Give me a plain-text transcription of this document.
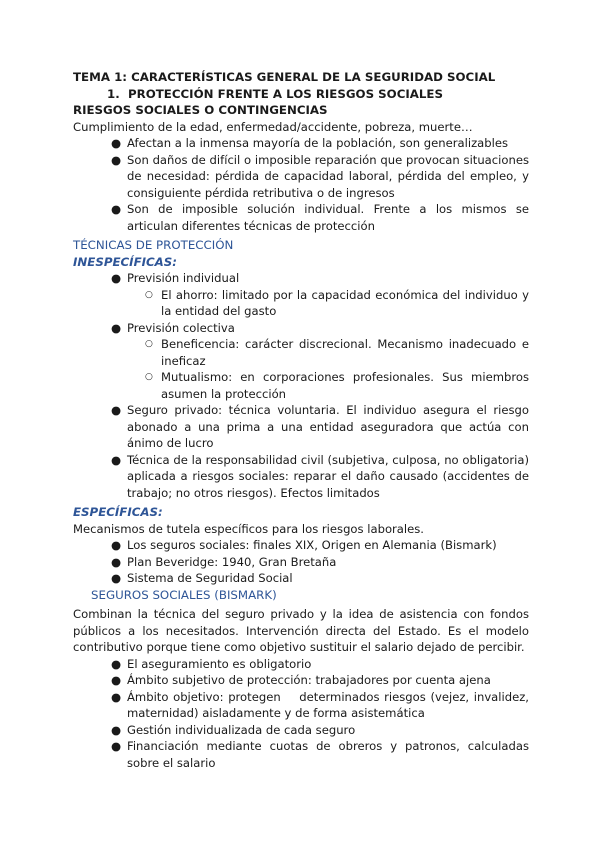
TEMA 1: CARACTERÍSTICAS GENERAL DE LA SEGURIDAD SOCIAL

1. PROTECCIÓN FRENTE A LOS RIESGOS SOCIALES

RIESGOS SOCIALES O CONTINGENCIAS

Cumplimiento de la edad, enfermedad/accidente, pobreza, muerte…

● Afectan a la inmensa mayoría de la población, son generalizables
● Son daños de difícil o imposible reparación que provocan situaciones de necesidad: pérdida de capacidad laboral, pérdida del empleo, y consiguiente pérdida retributiva o de ingresos
● Son de imposible solución individual. Frente a los mismos se articulan diferentes técnicas de protección

TÉCNICAS DE PROTECCIÓN

INESPECÍFICAS:

● Previsión individual
○ El ahorro: limitado por la capacidad económica del individuo y la entidad del gasto
● Previsión colectiva
○ Beneficencia: carácter discrecional. Mecanismo inadecuado e ineficaz
○ Mutualismo: en corporaciones profesionales. Sus miembros asumen la protección
● Seguro privado: técnica voluntaria. El individuo asegura el riesgo abonado a una prima a una entidad aseguradora que actúa con ánimo de lucro
● Técnica de la responsabilidad civil (subjetiva, culposa, no obligatoria) aplicada a riesgos sociales: reparar el daño causado (accidentes de trabajo; no otros riesgos). Efectos limitados

ESPECÍFICAS:

Mecanismos de tutela específicos para los riesgos laborales.

● Los seguros sociales: finales XIX, Origen en Alemania (Bismark)
● Plan Beveridge: 1940, Gran Bretaña
● Sistema de Seguridad Social

SEGUROS SOCIALES (BISMARK)

Combinan la técnica del seguro privado y la idea de asistencia con fondos públicos a los necesitados. Intervención directa del Estado. Es el modelo contributivo porque tiene como objetivo sustituir el salario dejado de percibir.

● El aseguramiento es obligatorio
● Ámbito subjetivo de protección: trabajadores por cuenta ajena
● Ámbito objetivo: protegen    determinados riesgos (vejez, invalidez, maternidad) aisladamente y de forma asistemática
● Gestión individualizada de cada seguro
● Financiación mediante cuotas de obreros y patronos, calculadas sobre el salario
